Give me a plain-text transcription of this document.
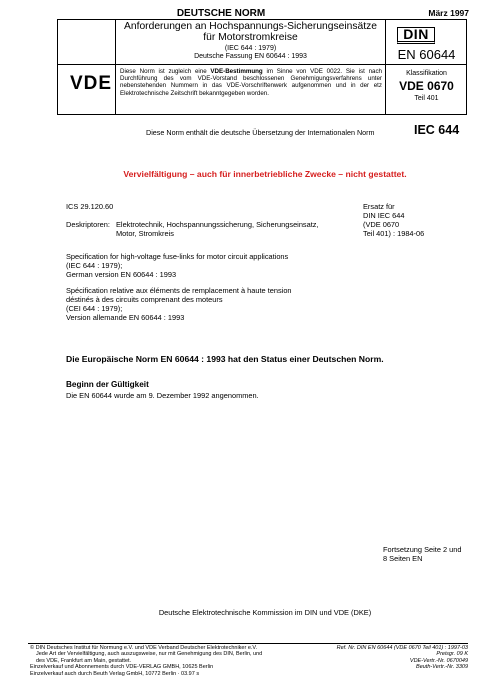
DEUTSCHE NORM	März 1997
Anforderungen an Hochspannungs-Sicherungseinsätze
für Motorstromkreise
(IEC 644 : 1979)
Deutsche Fassung EN 60644 : 1993
DIN
EN 60644
VDE
Diese Norm ist zugleich eine VDE-Bestimmung im Sinne von VDE 0022. Sie ist nach Durchführung des vom VDE-Vorstand beschlossenen Genehmigungsverfahrens unter nebenstehenden Nummern in das VDE-Vorschriftenwerk aufgenommen und in der etz Elektrotechnische Zeitschrift bekanntgegeben worden.
Klassifikation
VDE 0670
Teil 401
Diese Norm enthält die deutsche Übersetzung der Internationalen Norm	IEC 644
Vervielfältigung – auch für innerbetriebliche Zwecke – nicht gestattet.
ICS 29.120.60
Deskriptoren: Elektrotechnik, Hochspannungssicherung, Sicherungseinsatz,
Motor, Stromkreis
Ersatz für
DIN IEC 644
(VDE 0670
Teil 401) : 1984-06
Specification for high-voltage fuse-links for motor circuit applications
(IEC 644 : 1979);
German version EN 60644 : 1993
Spécification relative aux éléments de remplacement à haute tension
déstinés à des circuits comprenant des moteurs
(CEI 644 : 1979);
Version allemande EN 60644 : 1993
Die Europäische Norm EN 60644 : 1993 hat den Status einer Deutschen Norm.
Beginn der Gültigkeit
Die EN 60644 wurde am 9. Dezember 1992 angenommen.
Fortsetzung Seite 2 und
8 Seiten EN
Deutsche Elektrotechnische Kommission im DIN und VDE (DKE)
© DIN Deutsches Institut für Normung e.V. und VDE Verband Deutscher Elektrotechniker e.V.
Jede Art der Vervielfältigung, auch auszugsweise, nur mit Genehmigung des DIN, Berlin, und
des VDE, Frankfurt am Main, gestattet.
Einzelverkauf und Abonnements durch VDE-VERLAG GMBH, 10625 Berlin
Einzelverkauf auch durch Beuth Verlag GmbH, 10772 Berlin · 03.97 s
Ref. Nr. DIN EN 60644 (VDE 0670 Teil 401) : 1997-03
Preisgr. 09 K
VDE-Vertr.-Nr. 0670049
Beuth-Vertr.-Nr. 3309
